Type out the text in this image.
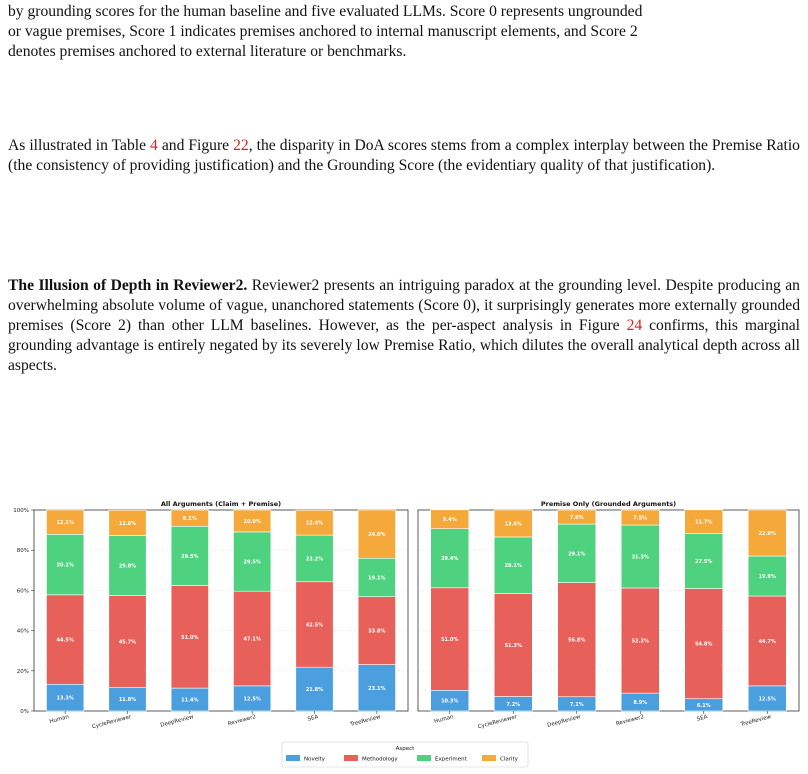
by grounding scores for the human baseline and five evaluated LLMs. Score 0 represents ungrounded
or vague premises, Score 1 indicates premises anchored to internal manuscript elements, and Score 2
denotes premises anchored to external literature or benchmarks.

As illustrated in Table 4 and Figure 22, the disparity in DoA scores stems from a complex interplay between the Premise Ratio (the consistency of providing justification) and the Grounding Score (the evidentiary quality of that justification).

The Illusion of Depth in Reviewer2. Reviewer2 presents an intriguing paradox at the grounding level. Despite producing an overwhelming absolute volume of vague, unanchored statements (Score 0), it surprisingly generates more externally grounded premises (Score 2) than other LLM baselines. However, as the per-aspect analysis in Figure 24 confirms, this marginal grounding advantage is entirely negated by its severely low Premise Ratio, which dilutes the overall analytical depth across all aspects.

0%
20%
40%
60%
80%
100%
All Arguments (Claim + Premise)
13.3%
44.5%
30.1%
12.1%
Human
11.8%
45.7%
29.8%
12.6%
CycleReviewer
11.4%
51.0%
29.5%
8.1%
DeepReview
12.5%
47.1%
29.5%
10.9%
Reviewer2
21.8%
42.5%
23.2%
12.4%
SEA
23.1%
33.8%
19.1%
24.0%
TreeReview
Premise Only (Grounded Arguments)
10.3%
51.0%
29.4%
9.4%
Human
7.2%
51.3%
28.1%
13.4%
CycleReviewer
7.1%
56.8%
29.1%
7.0%
DeepReview
8.9%
52.3%
31.3%
7.5%
Reviewer2
6.1%
54.8%
27.5%
11.7%
SEA
12.5%
44.7%
19.9%
22.9%
TreeReview
Aspect
Novelty	Methodology	Experiment	Clarity
